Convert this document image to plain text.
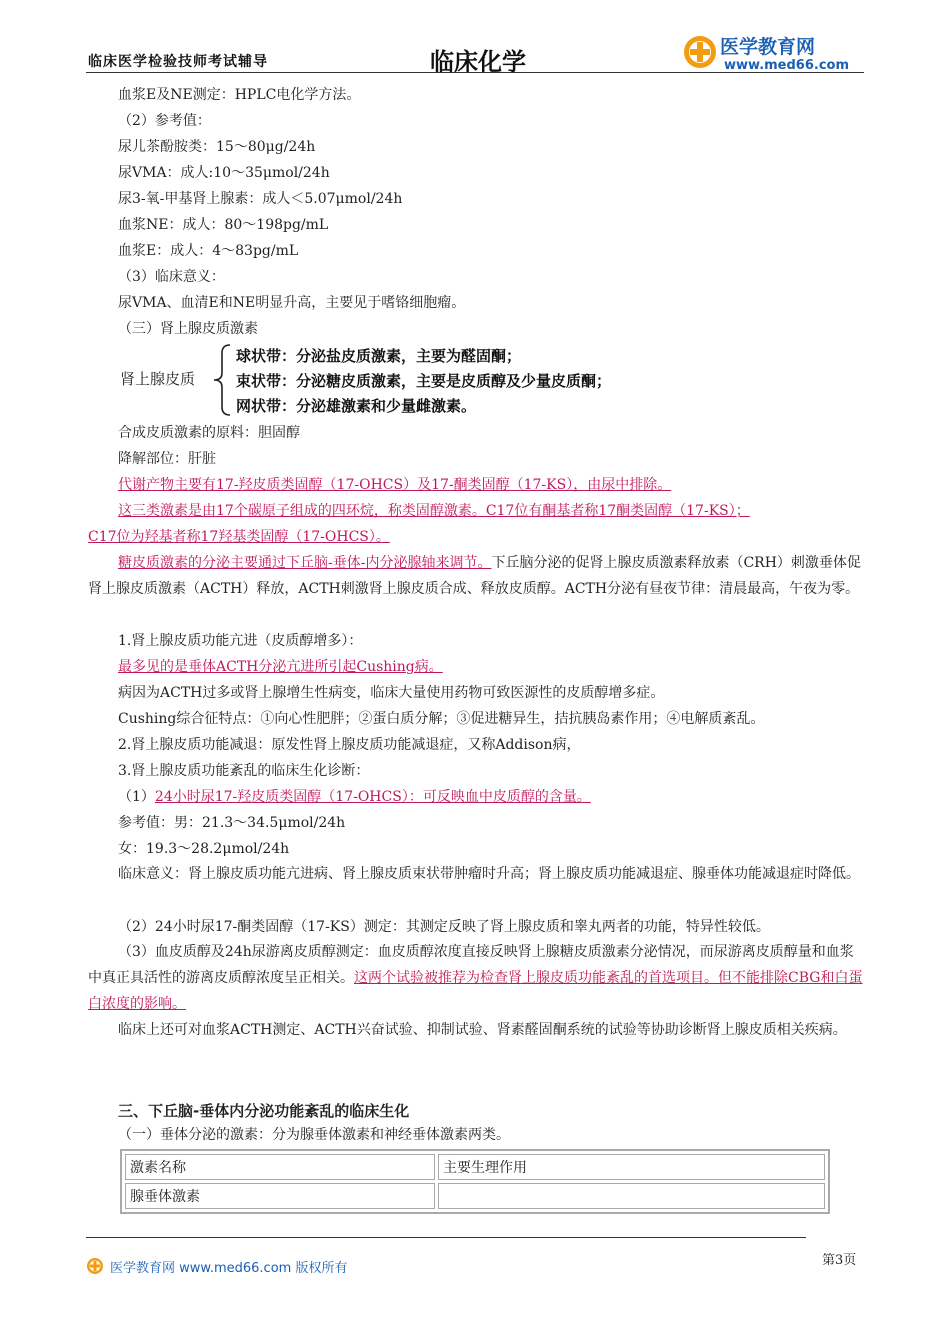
临床医学检验技师考试辅导	临床化学
医学教育网
www.med66.com
血浆E及NE测定：HPLC电化学方法。
（2）参考值：
尿儿茶酚胺类：15～80μg/24h
尿VMA：成人:10～35μmol/24h
尿3-氧-甲基肾上腺素：成人＜5.07μmol/24h
血浆NE：成人：80～198pg/mL
血浆E：成人：4～83pg/mL
（3）临床意义：
尿VMA、血清E和NE明显升高，主要见于嗜铬细胞瘤。
（三）肾上腺皮质激素
肾上腺皮质
球状带：分泌盐皮质激素，主要为醛固酮；
束状带：分泌糖皮质激素，主要是皮质醇及少量皮质酮；
网状带：分泌雄激素和少量雌激素。
合成皮质激素的原料：胆固醇
降解部位：肝脏
代谢产物主要有17-羟皮质类固醇（17-OHCS）及17-酮类固醇（17-KS），由尿中排除。
这三类激素是由17个碳原子组成的四环烷，称类固醇激素。C17位有酮基者称17酮类固醇（17-KS）；
C17位为羟基者称17羟基类固醇（17-OHCS）。
糖皮质激素的分泌主要通过下丘脑-垂体-内分泌腺轴来调节。下丘脑分泌的促肾上腺皮质激素释放素（CRH）刺激垂体促肾上腺皮质激素（ACTH）释放，ACTH刺激肾上腺皮质合成、释放皮质醇。ACTH分泌有昼夜节律：清晨最高，午夜为零。
1.肾上腺皮质功能亢进（皮质醇增多）：
最多见的是垂体ACTH分泌亢进所引起Cushing病。
病因为ACTH过多或肾上腺增生性病变，临床大量使用药物可致医源性的皮质醇增多症。
Cushing综合征特点：①向心性肥胖；②蛋白质分解；③促进糖异生，拮抗胰岛素作用；④电解质紊乱。
2.肾上腺皮质功能减退：原发性肾上腺皮质功能减退症，又称Addison病，
3.肾上腺皮质功能紊乱的临床生化诊断：
（1）24小时尿17-羟皮质类固醇（17-OHCS）：可反映血中皮质醇的含量。
参考值：男：21.3～34.5μmol/24h
女：19.3～28.2μmol/24h
临床意义：肾上腺皮质功能亢进病、肾上腺皮质束状带肿瘤时升高；肾上腺皮质功能减退症、腺垂体功能减退症时降低。
（2）24小时尿17-酮类固醇（17-KS）测定：其测定反映了肾上腺皮质和睾丸两者的功能，特异性较低。
（3）血皮质醇及24h尿游离皮质醇测定：血皮质醇浓度直接反映肾上腺糖皮质激素分泌情况，而尿游离皮质醇量和血浆中真正具活性的游离皮质醇浓度呈正相关。这两个试验被推荐为检查肾上腺皮质功能紊乱的首选项目。但不能排除CBG和白蛋白浓度的影响。
临床上还可对血浆ACTH测定、ACTH兴奋试验、抑制试验、肾素醛固酮系统的试验等协助诊断肾上腺皮质相关疾病。
三、下丘脑-垂体内分泌功能紊乱的临床生化
（一）垂体分泌的激素：分为腺垂体激素和神经垂体激素两类。
激素名称	主要生理作用
腺垂体激素	
医学教育网 www.med66.com 版权所有
第3页
